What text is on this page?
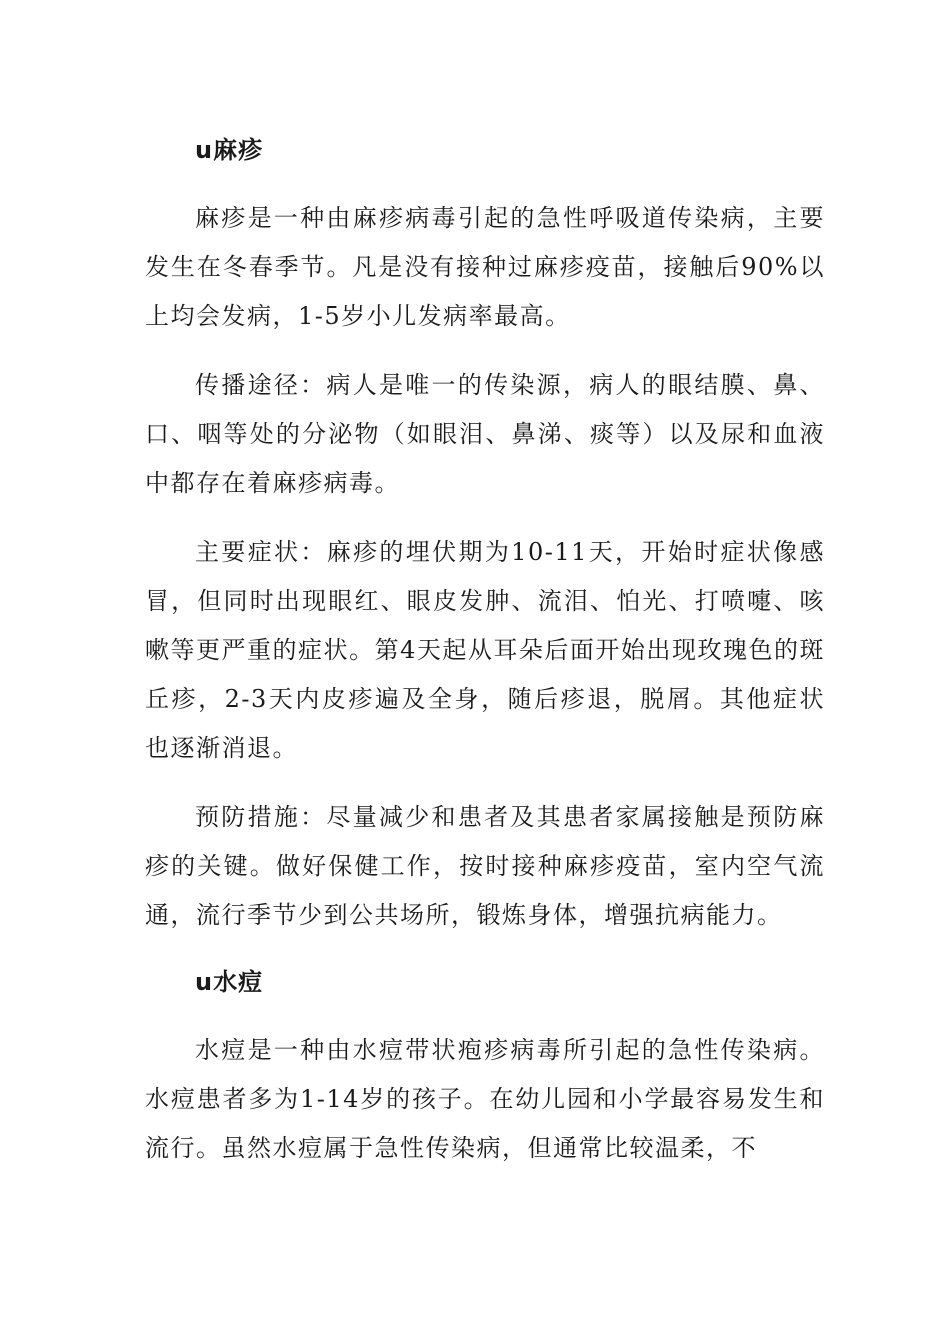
u麻疹

麻疹是一种由麻疹病毒引起的急性呼吸道传染病，主要发生在冬春季节。凡是没有接种过麻疹疫苗，接触后90%以上均会发病，1-5岁小儿发病率最高。

传播途径：病人是唯一的传染源，病人的眼结膜、鼻、口、咽等处的分泌物（如眼泪、鼻涕、痰等）以及尿和血液中都存在着麻疹病毒。

主要症状：麻疹的埋伏期为10-11天，开始时症状像感冒，但同时出现眼红、眼皮发肿、流泪、怕光、打喷嚏、咳嗽等更严重的症状。第4天起从耳朵后面开始出现玫瑰色的斑丘疹，2-3天内皮疹遍及全身，随后疹退，脱屑。其他症状也逐渐消退。

预防措施：尽量减少和患者及其患者家属接触是预防麻疹的关键。做好保健工作，按时接种麻疹疫苗，室内空气流通，流行季节少到公共场所，锻炼身体，增强抗病能力。

u水痘

水痘是一种由水痘带状疱疹病毒所引起的急性传染病。水痘患者多为1-14岁的孩子。在幼儿园和小学最容易发生和流行。虽然水痘属于急性传染病，但通常比较温柔，不
